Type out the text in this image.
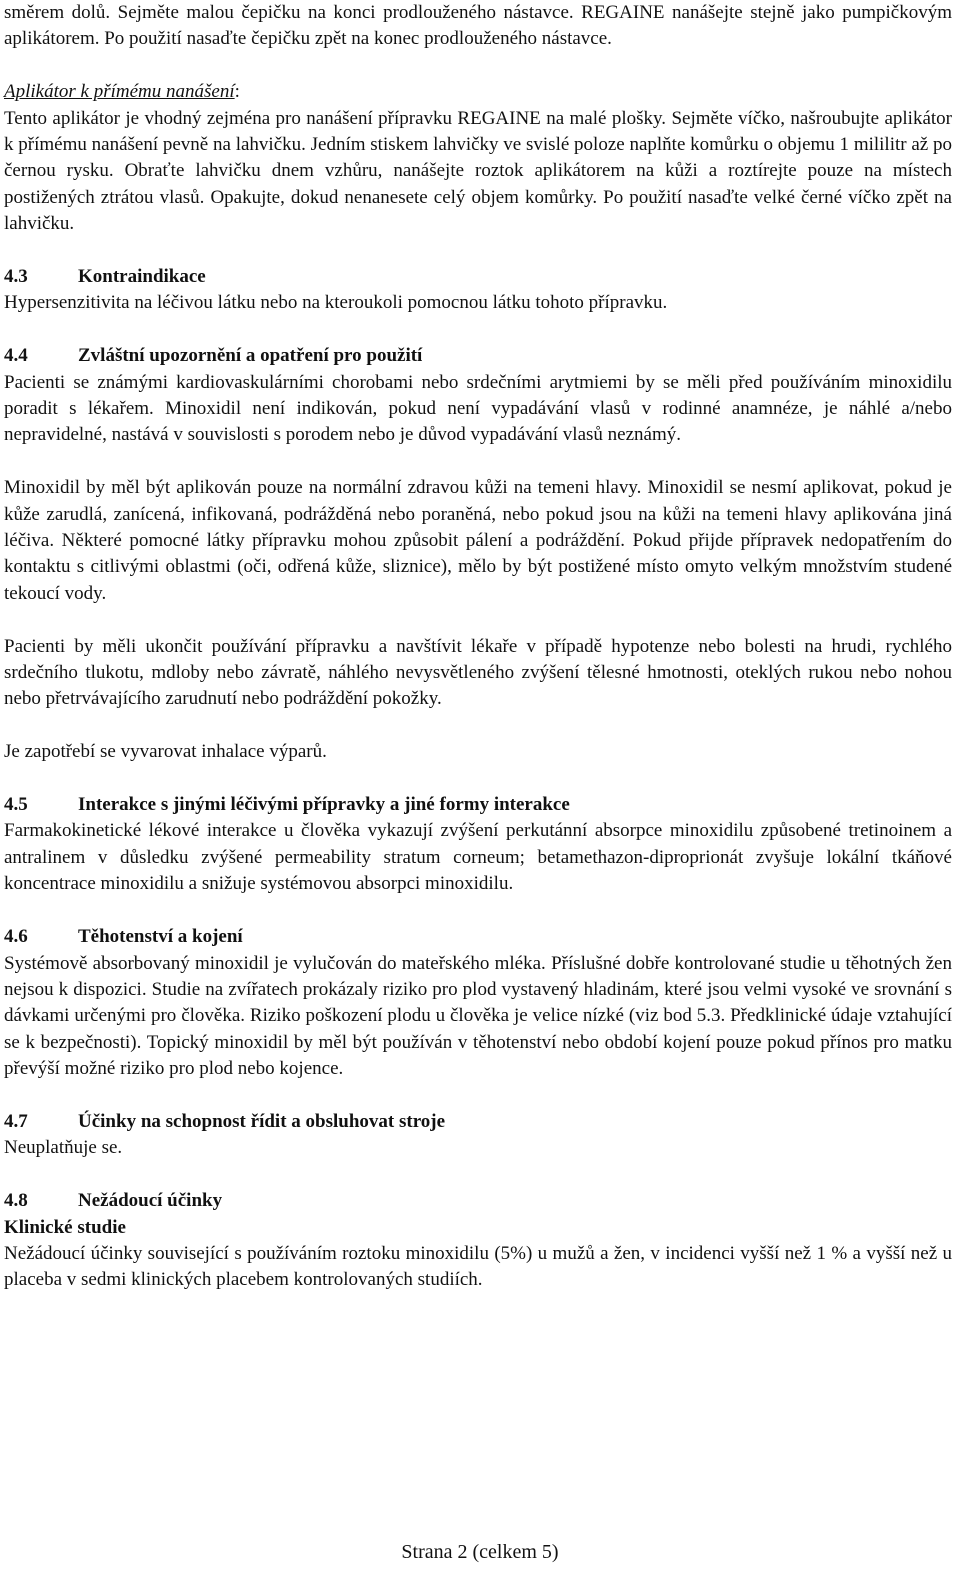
směrem dolů. Sejměte malou čepičku na konci prodlouženého nástavce. REGAINE nanášejte stejně jako pumpičkovým aplikátorem. Po použití nasaďte čepičku zpět na konec prodlouženého nástavce.

Aplikátor k přímému nanášení:

Tento aplikátor je vhodný zejména pro nanášení přípravku REGAINE na malé plošky. Sejměte víčko, našroubujte aplikátor k přímému nanášení pevně na lahvičku. Jedním stiskem lahvičky ve svislé poloze naplňte komůrku o objemu 1 mililitr až po černou rysku. Obraťte lahvičku dnem vzhůru, nanášejte roztok aplikátorem na kůži a roztírejte pouze na místech postižených ztrátou vlasů. Opakujte, dokud nenanesete celý objem komůrky. Po použití nasaďte velké černé víčko zpět na lahvičku.

4.3	Kontraindikace

Hypersenzitivita na léčivou látku nebo na kteroukoli pomocnou látku tohoto přípravku.

4.4	Zvláštní upozornění a opatření pro použití

Pacienti se známými kardiovaskulárními chorobami nebo srdečními arytmiemi by se měli před používáním minoxidilu poradit s lékařem. Minoxidil není indikován, pokud není vypadávání vlasů v rodinné anamnéze, je náhlé a/nebo nepravidelné, nastává v souvislosti s porodem nebo je důvod vypadávání vlasů neznámý.

Minoxidil by měl být aplikován pouze na normální zdravou kůži na temeni hlavy. Minoxidil se nesmí aplikovat, pokud je kůže zarudlá, zanícená, infikovaná, podrážděná nebo poraněná, nebo pokud jsou na kůži na temeni hlavy aplikována jiná léčiva. Některé pomocné látky přípravku mohou způsobit pálení a podráždění. Pokud přijde přípravek nedopatřením do kontaktu s citlivými oblastmi (oči, odřená kůže, sliznice), mělo by být postižené místo omyto velkým množstvím studené tekoucí vody.

Pacienti by měli ukončit používání přípravku a navštívit lékaře v případě hypotenze nebo bolesti na hrudi, rychlého srdečního tlukotu, mdloby nebo závratě, náhlého nevysvětleného zvýšení tělesné hmotnosti, oteklých rukou nebo nohou nebo přetrvávajícího zarudnutí nebo podráždění pokožky.

Je zapotřebí se vyvarovat inhalace výparů.

4.5	Interakce s jinými léčivými přípravky a jiné formy interakce

Farmakokinetické lékové interakce u člověka vykazují zvýšení perkutánní absorpce minoxidilu způsobené tretinoinem a antralinem v důsledku zvýšené permeability stratum corneum; betamethazon-diproprionát zvyšuje lokální tkáňové koncentrace minoxidilu a snižuje systémovou absorpci minoxidilu.

4.6	Těhotenství a kojení

Systémově absorbovaný minoxidil je vylučován do mateřského mléka. Příslušné dobře kontrolované studie u těhotných žen nejsou k dispozici. Studie na zvířatech prokázaly riziko pro plod vystavený hladinám, které jsou velmi vysoké ve srovnání s dávkami určenými pro člověka. Riziko poškození plodu u člověka je velice nízké (viz bod 5.3. Předklinické údaje vztahující se k bezpečnosti). Topický minoxidil by měl být používán v těhotenství nebo období kojení pouze pokud přínos pro matku převýší možné riziko pro plod nebo kojence.

4.7	Účinky na schopnost řídit a obsluhovat stroje

Neuplatňuje se.

4.8	Nežádoucí účinky

Klinické studie

Nežádoucí účinky související s používáním roztoku minoxidilu (5%) u mužů a žen, v incidenci vyšší než 1 % a vyšší než u placeba v sedmi klinických placebem kontrolovaných studiích.

Strana 2 (celkem 5)
